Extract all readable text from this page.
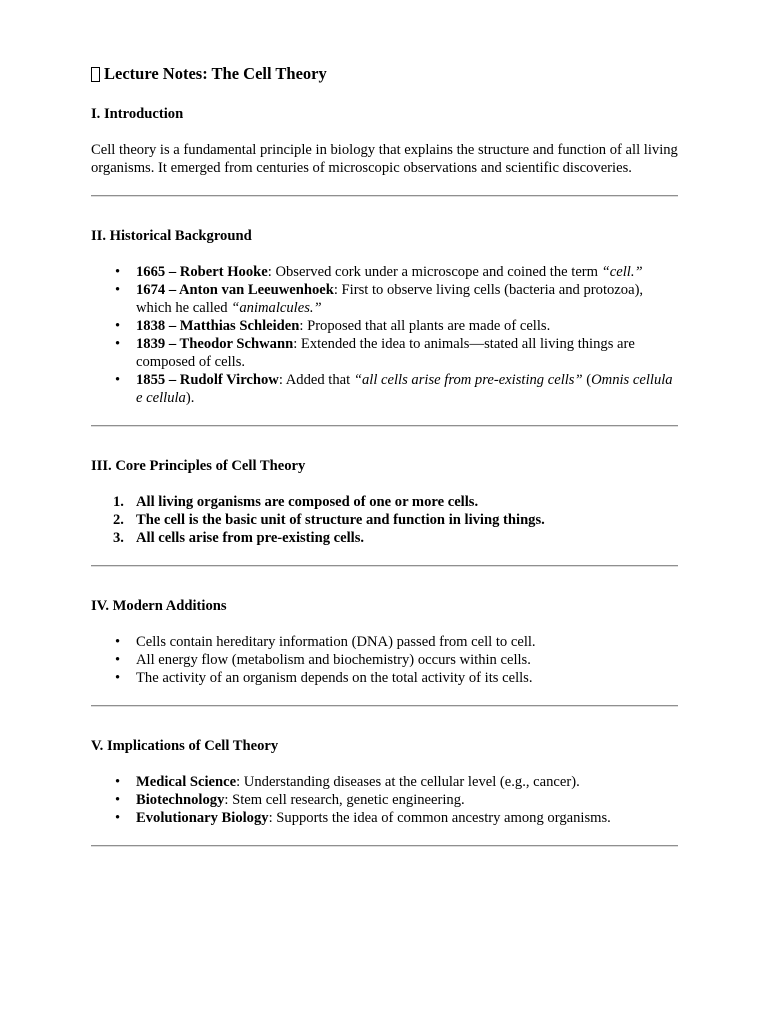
Lecture Notes: The Cell Theory
I. Introduction

Cell theory is a fundamental principle in biology that explains the structure and function of all living organisms. It emerged from centuries of microscopic observations and scientific discoveries.

II. Historical Background
• 1665 – Robert Hooke: Observed cork under a microscope and coined the term “cell.”
• 1674 – Anton van Leeuwenhoek: First to observe living cells (bacteria and protozoa), which he called “animalcules.”
• 1838 – Matthias Schleiden: Proposed that all plants are made of cells.
• 1839 – Theodor Schwann: Extended the idea to animals—stated all living things are composed of cells.
• 1855 – Rudolf Virchow: Added that “all cells arise from pre-existing cells” (Omnis cellula e cellula).
III. Core Principles of Cell Theory
1. All living organisms are composed of one or more cells.
2. The cell is the basic unit of structure and function in living things.
3. All cells arise from pre-existing cells.
IV. Modern Additions
• Cells contain hereditary information (DNA) passed from cell to cell.
• All energy flow (metabolism and biochemistry) occurs within cells.
• The activity of an organism depends on the total activity of its cells.
V. Implications of Cell Theory
• Medical Science: Understanding diseases at the cellular level (e.g., cancer).
• Biotechnology: Stem cell research, genetic engineering.
• Evolutionary Biology: Supports the idea of common ancestry among organisms.
